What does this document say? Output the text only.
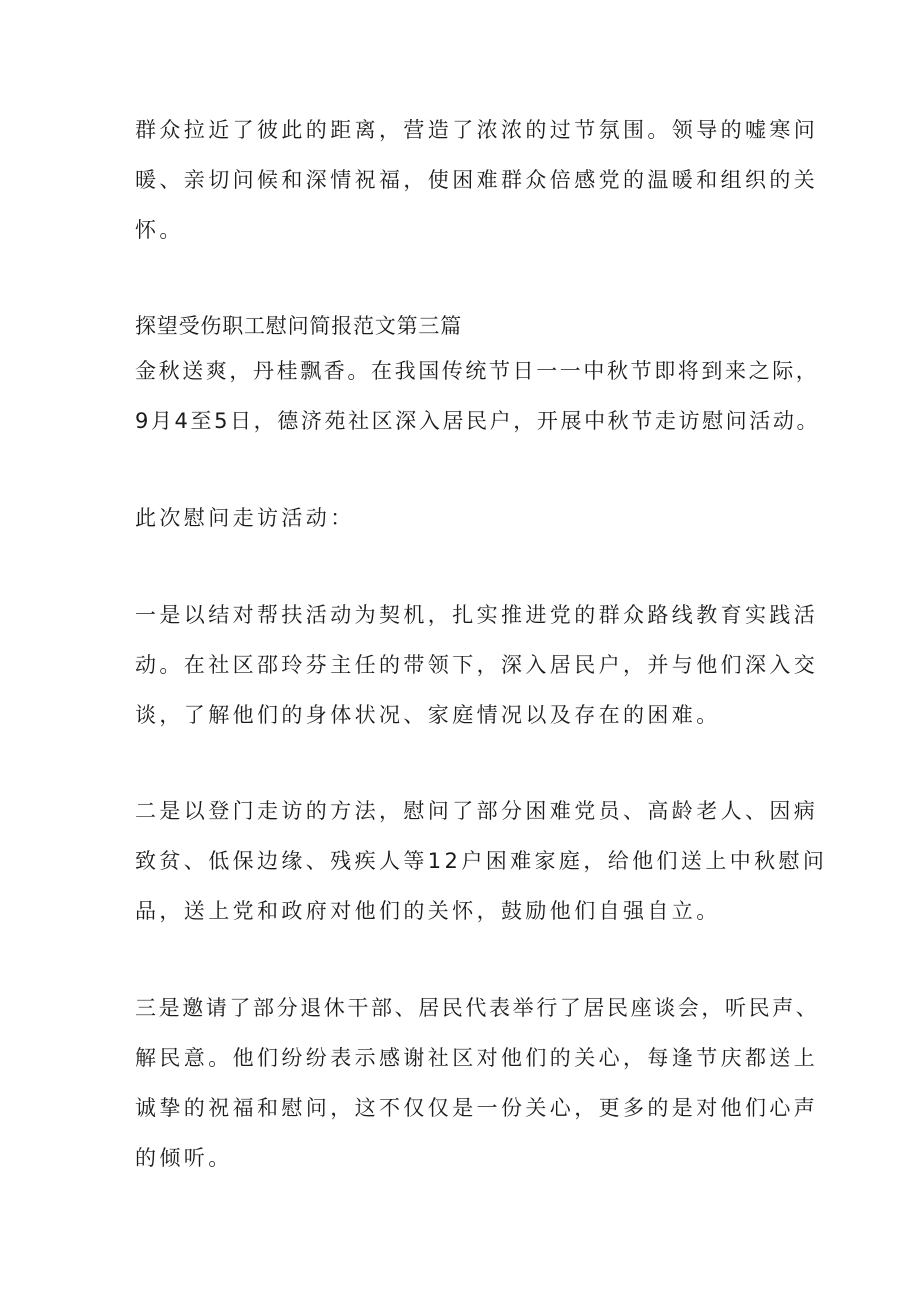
群众拉近了彼此的距离，营造了浓浓的过节氛围。领导的嘘寒问

暖、亲切问候和深情祝福，使困难群众倍感党的温暖和组织的关

怀。

探望受伤职工慰问简报范文第三篇

金秋送爽，丹桂飘香。在我国传统节日一一中秋节即将到来之际，

9月4至5日，德济苑社区深入居民户，开展中秋节走访慰问活动。

此次慰问走访活动：

一是以结对帮扶活动为契机，扎实推进党的群众路线教育实践活

动。在社区邵玲芬主任的带领下，深入居民户，并与他们深入交

谈，了解他们的身体状况、家庭情况以及存在的困难。

二是以登门走访的方法，慰问了部分困难党员、高龄老人、因病

致贫、低保边缘、残疾人等12户困难家庭，给他们送上中秋慰问

品，送上党和政府对他们的关怀，鼓励他们自强自立。

三是邀请了部分退休干部、居民代表举行了居民座谈会，听民声、

解民意。他们纷纷表示感谢社区对他们的关心，每逢节庆都送上

诚挚的祝福和慰问，这不仅仅是一份关心，更多的是对他们心声

的倾听。
